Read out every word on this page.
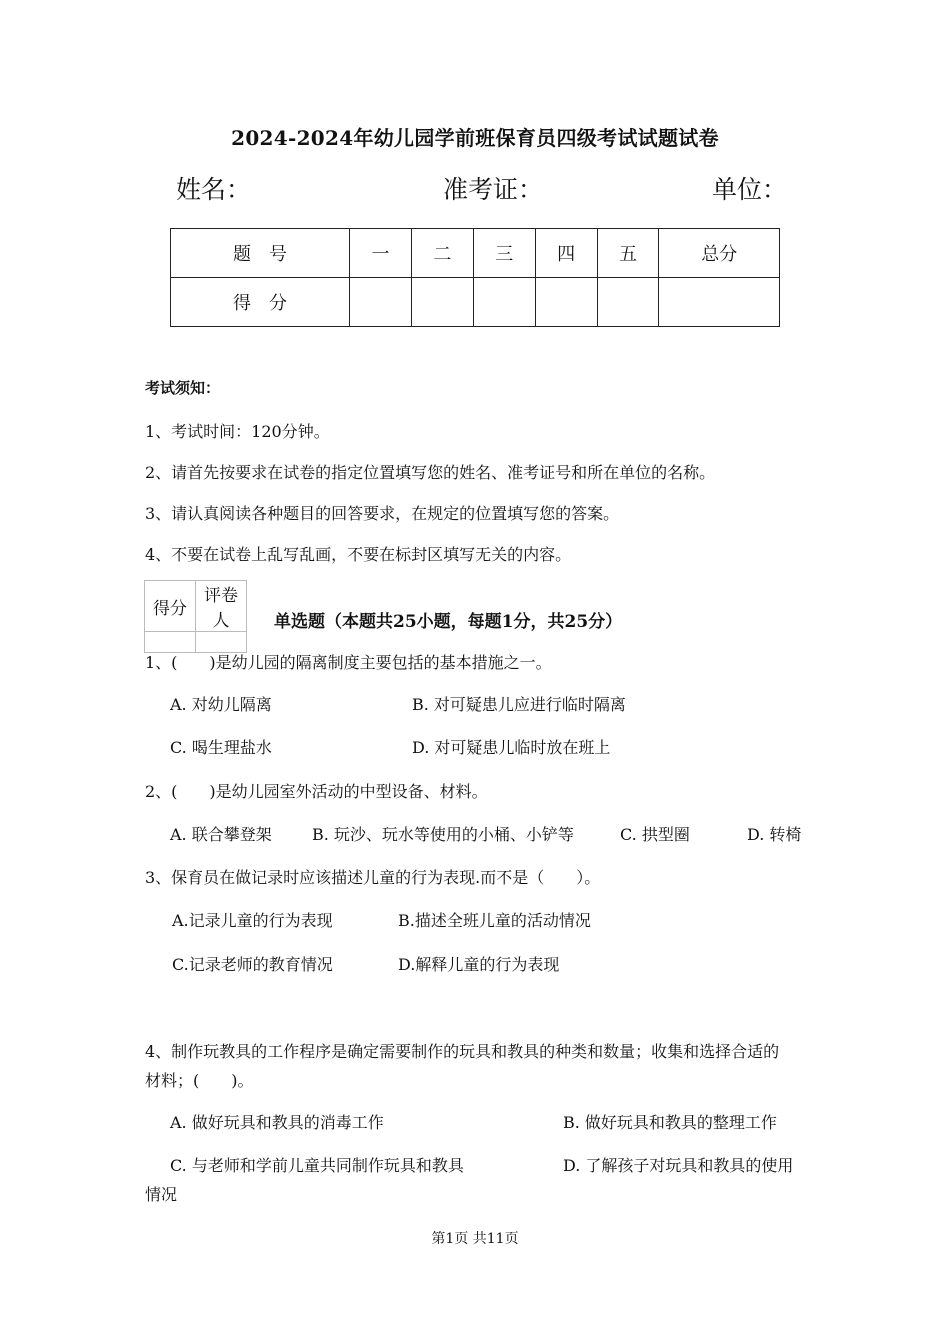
2024-2024年幼儿园学前班保育员四级考试试题试卷
姓名：	准考证：	单位：
题　号	一	二	三	四	五	总分
得　分						
考试须知：
1、考试时间：120分钟。
2、请首先按要求在试卷的指定位置填写您的姓名、准考证号和所在单位的名称。
3、请认真阅读各种题目的回答要求，在规定的位置填写您的答案。
4、不要在试卷上乱写乱画，不要在标封区填写无关的内容。
得分	评卷人
		单选题（本题共25小题，每题1分，共25分）
1、(　　)是幼儿园的隔离制度主要包括的基本措施之一。
A. 对幼儿隔离	B. 对可疑患儿应进行临时隔离
C. 喝生理盐水	D. 对可疑患儿临时放在班上
2、(　　)是幼儿园室外活动的中型设备、材料。
A. 联合攀登架	B. 玩沙、玩水等使用的小桶、小铲等	C. 拱型圈	D. 转椅
3、保育员在做记录时应该描述儿童的行为表现.而不是（　　）。
A.记录儿童的行为表现	B.描述全班儿童的活动情况
C.记录老师的教育情况	D.解释儿童的行为表现
4、制作玩教具的工作程序是确定需要制作的玩具和教具的种类和数量；收集和选择合适的
材料；(　　)。
A. 做好玩具和教具的消毒工作	B. 做好玩具和教具的整理工作
C. 与老师和学前儿童共同制作玩具和教具	D. 了解孩子对玩具和教具的使用
情况
第1页 共11页
